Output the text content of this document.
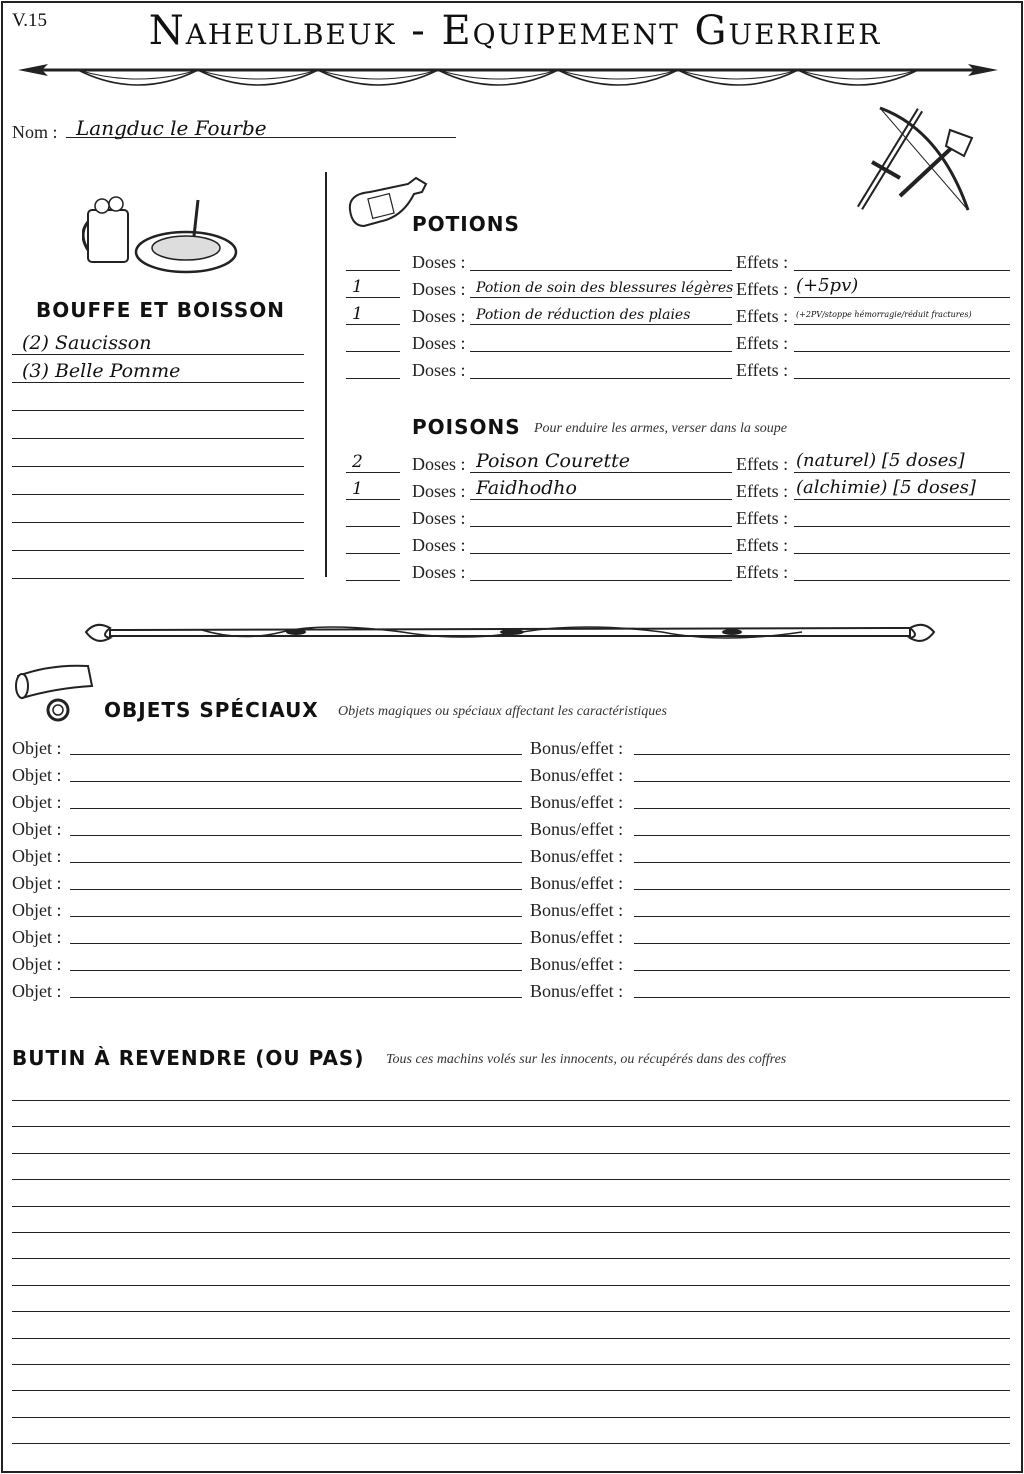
V.15	Naheulbeuk - Equipement Guerrier
Nom : Langduc le Fourbe
BOUFFE ET BOISSON
(2) Saucisson
(3) Belle Pomme
POTIONS
Doses :	Effets :
1	Doses : Potion de soin des blessures légères Effets : (+5pv)
1	Doses : Potion de réduction des plaies	Effets : (+2PV/stoppe hémorragie/réduit fractures)
Doses :	Effets :
Doses :	Effets :
POISONS Pour enduire les armes, verser dans la soupe
2	Doses : Poison Courette	Effets : (naturel) [5 doses]
1	Doses : Faidhodho	Effets : (alchimie) [5 doses]
Doses :	Effets :
Doses :	Effets :
Doses :	Effets :
OBJETS SPÉCIAUX Objets magiques ou spéciaux affectant les caractéristiques
Objet :	Bonus/effet :
Objet :	Bonus/effet :
Objet :	Bonus/effet :
Objet :	Bonus/effet :
Objet :	Bonus/effet :
Objet :	Bonus/effet :
Objet :	Bonus/effet :
Objet :	Bonus/effet :
Objet :	Bonus/effet :
Objet :	Bonus/effet :
BUTIN À REVENDRE (OU PAS) Tous ces machins volés sur les innocents, ou récupérés dans des coffres
